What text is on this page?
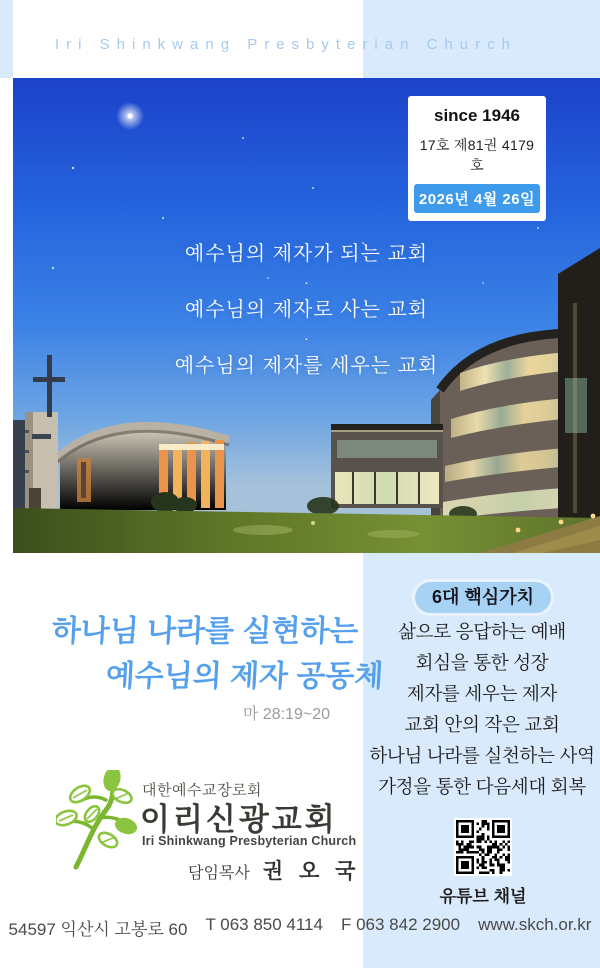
Iri Shinkwang Presbyterian Church
예수님의 제자가 되는 교회
·
예수님의 제자로 사는 교회
·
예수님의 제자를 세우는 교회
since 1946
17호 제81권 4179호
2026년 4월 26일
하나님 나라를 실현하는
예수님의 제자 공동체
마 28:19~20
6대 핵심가치
삶으로 응답하는 예배
회심을 통한 성장
제자를 세우는 제자
교회 안의 작은 교회
하나님 나라를 실천하는 사역
가정을 통한 다음세대 회복
대한예수교장로회
이리신광교회
Iri Shinkwang Presbyterian Church
담임목사 권 오 국
유튜브 채널
54597 익산시 고봉로 60 T 063 850 4114 F 063 842 2900 www.skch.or.kr
